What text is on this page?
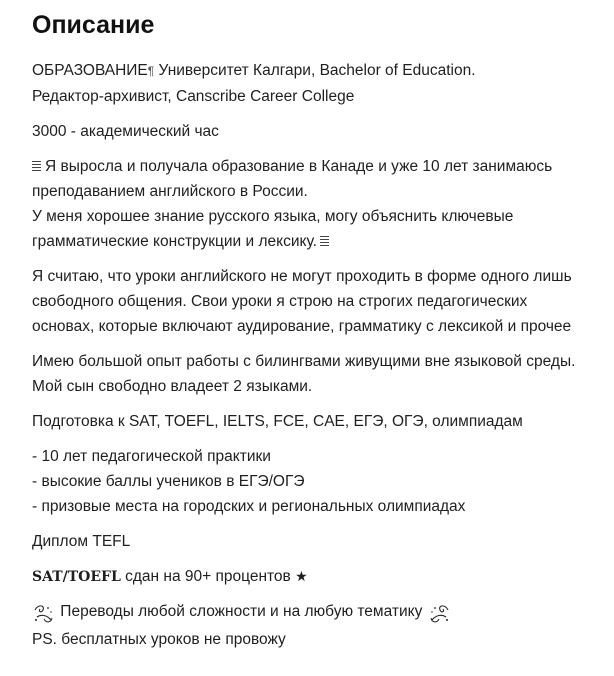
Описание

ОБРАЗОВАНИЕ¶ Университет Калгари, Bachelor of Education.
Редактор-архивист, Canscribe Career College

3000 - академический час

Я выросла и получала образование в Канаде и уже 10 лет занимаюсь
преподаванием английского в России.
У меня хорошее знание русского языка, могу объяснить ключевые
грамматические конструкции и лексику.

Я считаю, что уроки английского не могут проходить в форме одного лишь
свободного общения. Свои уроки я строю на строгих педагогических
основах, которые включают аудирование, грамматику с лексикой и прочее

Имею большой опыт работы с билингвами живущими вне языковой среды.
Мой сын свободно владеет 2 языками.

Подготовка к SAT, TOEFL, IELTS, FCE, CAE, ЕГЭ, ОГЭ, олимпиадам

- 10 лет педагогической практики
- высокие баллы учеников в ЕГЭ/ОГЭ
- призовые места на городских и региональных олимпиадах

Диплом TEFL

SAT/TOEFL сдан на 90+ процентов ★

Переводы любой сложности и на любую тематику

PS. бесплатных уроков не провожу
